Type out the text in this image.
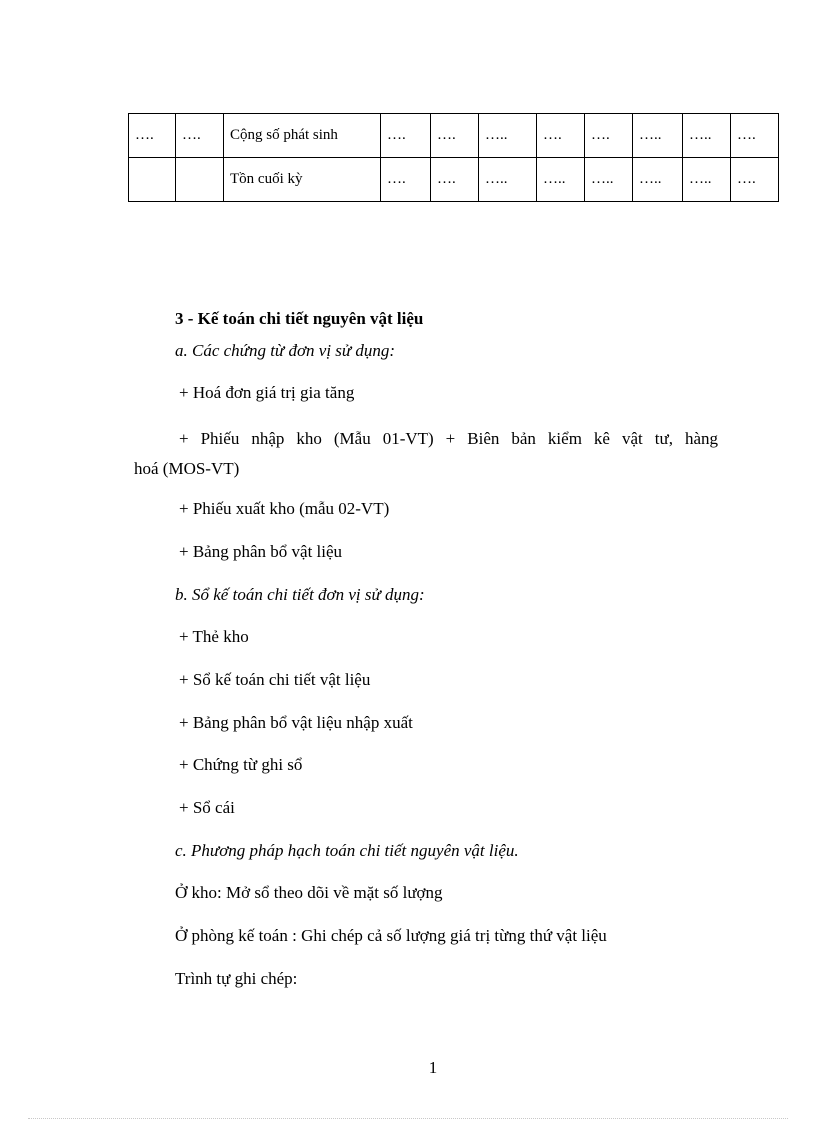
….	….	Cộng số phát sinh	….	….	…..	….	….	…..	…..	….
		Tồn cuối kỳ	….	….	…..	…..	…..	…..	…..	….
3 - Kế toán chi tiết nguyên vật liệu
a. Các chứng từ đơn vị sử dụng:
+ Hoá đơn giá trị gia tăng
+ Phiếu nhập kho (Mẫu 01-VT) + Biên bản kiểm kê vật tư, hàng
hoá (MOS-VT)
+ Phiếu xuất kho (mẫu 02-VT)
+ Bảng phân bổ vật liệu
b. Sổ kế toán chi tiết đơn vị sử dụng:
+ Thẻ kho
+ Sổ kế toán chi tiết vật liệu
+ Bảng phân bổ vật liệu nhập xuất
+ Chứng từ ghi sổ
+ Sổ cái
c. Phương pháp hạch toán chi tiết nguyên vật liệu.
Ở kho: Mở sổ theo dõi về mặt số lượng
Ở phòng kế toán : Ghi chép cả số lượng giá trị từng thứ vật liệu
Trình tự ghi chép:
1
